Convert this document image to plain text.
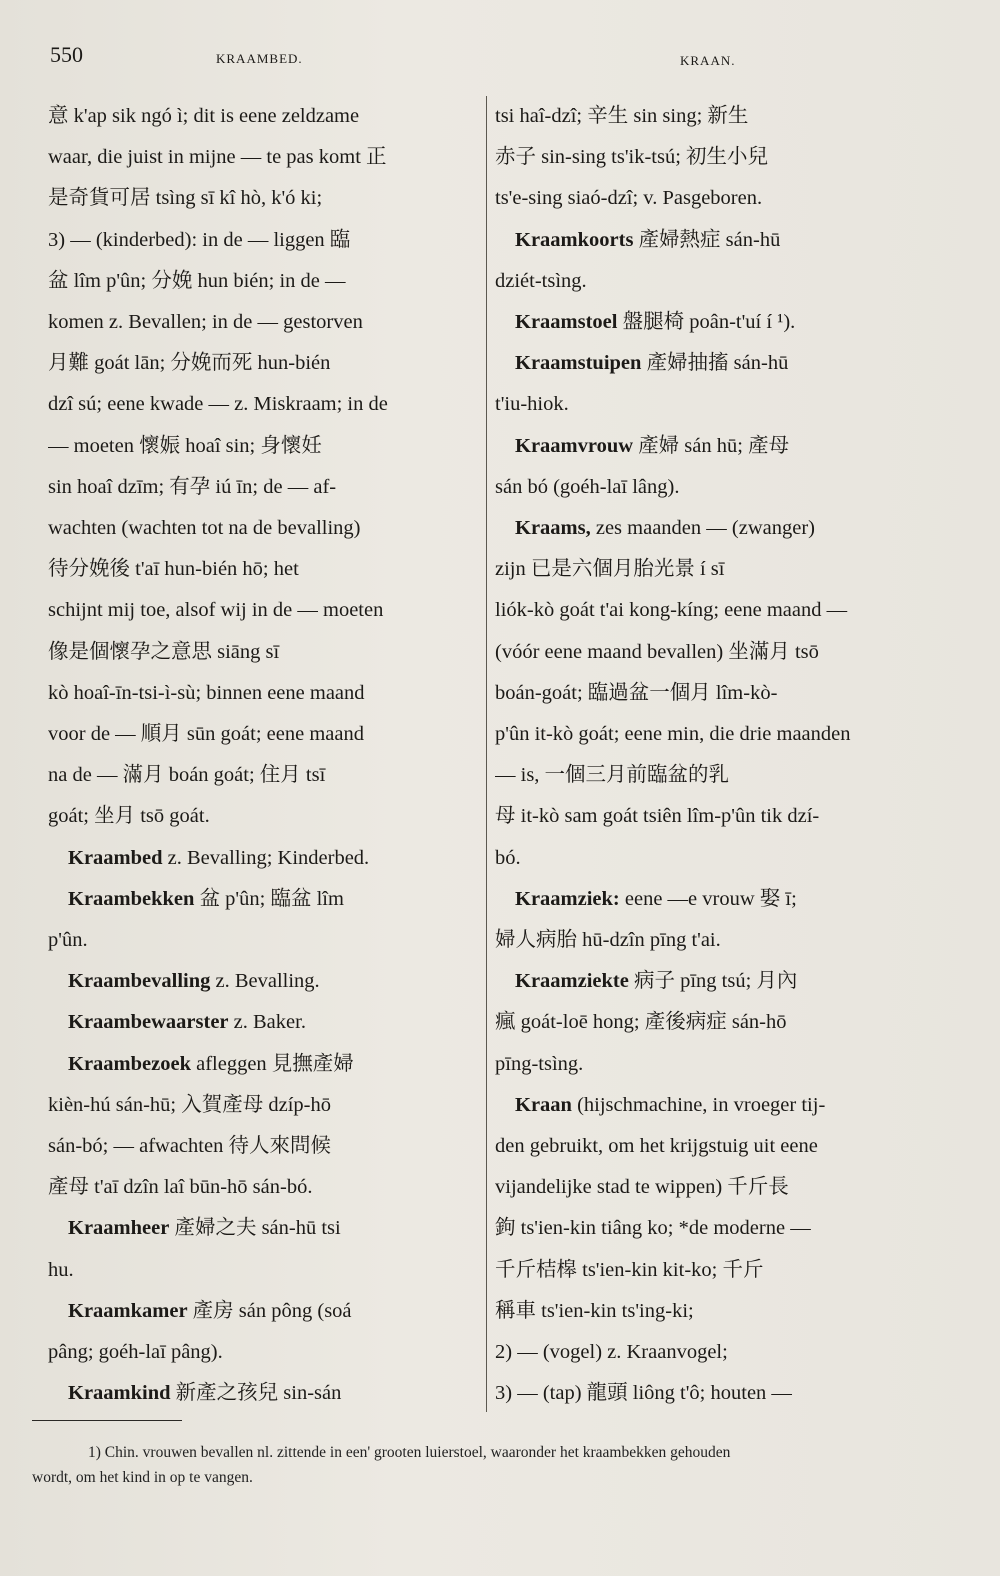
550	KRAAMBED.	KRAAN.
意 k'ap sik ngó ì; dit is eene zeldzame
waar, die juist in mijne — te pas komt 正
是奇貨可居 tsìng sī kî hò, k'ó ki;
3) — (kinderbed): in de — liggen 臨
盆 lîm p'ûn; 分娩 hun bién; in de —
komen z. Bevallen; in de — gestorven
月難 goát lān; 分娩而死 hun-bién
dzî sú; eene kwade — z. Miskraam; in de
— moeten 懷娠 hoaî sin; 身懷妊
sin hoaî dzīm; 有孕 iú īn; de — af-
wachten (wachten tot na de bevalling)
待分娩後 t'aī hun-bién hō; het
schijnt mij toe, alsof wij in de — moeten
像是個懷孕之意思 siāng sī
kò hoaî-īn-tsi-ì-sù; binnen eene maand
voor de — 順月 sūn goát; eene maand
na de — 滿月 boán goát; 住月 tsī
goát; 坐月 tsō goát.
Kraambed z. Bevalling; Kinderbed.
Kraambekken 盆 p'ûn; 臨盆 lîm
p'ûn.
Kraambevalling z. Bevalling.
Kraambewaarster z. Baker.
Kraambezoek afleggen 見撫產婦
kièn-hú sán-hū; 入賀產母 dzíp-hō
sán-bó; — afwachten 待人來問候
產母 t'aī dzîn laî būn-hō sán-bó.
Kraamheer 產婦之夫 sán-hū tsi
hu.
Kraamkamer 產房 sán pông (soá
pâng; goéh-laī pâng).
Kraamkind 新產之孩兒 sin-sán
tsi haî-dzî; 辛生 sin sing; 新生
赤子 sin-sing ts'ik-tsú; 初生小兒
ts'e-sing siaó-dzî; v. Pasgeboren.
Kraamkoorts 產婦熱症 sán-hū
dziét-tsìng.
Kraamstoel 盤腿椅 poân-t'uí í ¹).
Kraamstuipen 產婦抽搐 sán-hū
t'iu-hiok.
Kraamvrouw 產婦 sán hū; 產母
sán bó (goéh-laī lâng).
Kraams, zes maanden — (zwanger)
zijn 已是六個月胎光景 í sī
liók-kò goát t'ai kong-kíng; eene maand —
(vóór eene maand bevallen) 坐滿月 tsō
boán-goát; 臨過盆一個月 lîm-kò-
p'ûn it-kò goát; eene min, die drie maanden
— is, 一個三月前臨盆的乳
母 it-kò sam goát tsiên lîm-p'ûn tik dzí-
bó.
Kraamziek: eene —e vrouw 娶 ī;
婦人病胎 hū-dzîn pīng t'ai.
Kraamziekte 病子 pīng tsú; 月內
瘋 goát-loē hong; 產後病症 sán-hō
pīng-tsìng.
Kraan (hijschmachine, in vroeger tij-
den gebruikt, om het krijgstuig uit eene
vijandelijke stad te wippen) 千斤長
鉤 ts'ien-kin tiâng ko; *de moderne —
千斤桔槔 ts'ien-kin kit-ko; 千斤
稱車 ts'ien-kin ts'ing-ki;
2) — (vogel) z. Kraanvogel;
3) — (tap) 龍頭 liông t'ô; houten —
1) Chin. vrouwen bevallen nl. zittende in een' grooten luierstoel, waaronder het kraambekken gehouden
wordt, om het kind in op te vangen.
